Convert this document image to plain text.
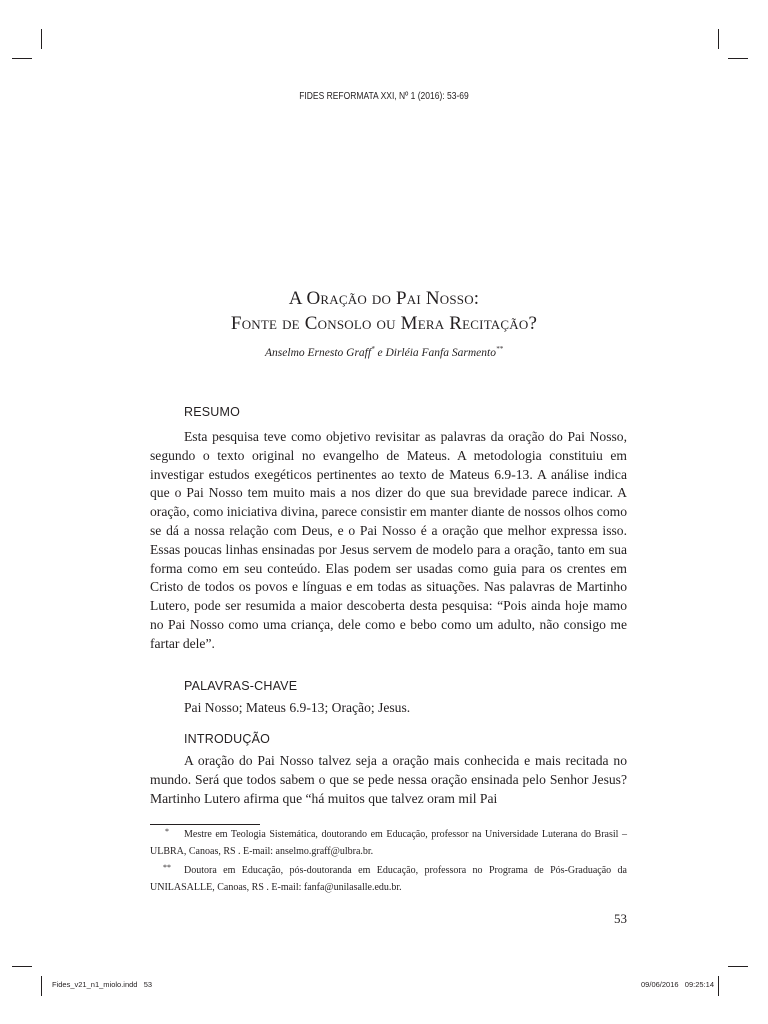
FIDES REFORMATA XXI, Nº 1 (2016): 53-69
A Oração do Pai Nosso:
Fonte de Consolo ou Mera Recitação?
Anselmo Ernesto Graff* e Dirléia Fanfa Sarmento**
RESUMO

Esta pesquisa teve como objetivo revisitar as palavras da oração do Pai Nosso, segundo o texto original no evangelho de Mateus. A metodologia constituiu em investigar estudos exegéticos pertinentes ao texto de Mateus 6.9-13. A análise indica que o Pai Nosso tem muito mais a nos dizer do que sua brevidade parece indicar. A oração, como iniciativa divina, parece consistir em manter diante de nossos olhos como se dá a nossa relação com Deus, e o Pai Nosso é a oração que melhor expressa isso. Essas poucas linhas ensinadas por Jesus servem de modelo para a oração, tanto em sua forma como em seu conteúdo. Elas podem ser usadas como guia para os crentes em Cristo de todos os povos e línguas e em todas as situações. Nas palavras de Martinho Lutero, pode ser resumida a maior descoberta desta pesquisa: “Pois ainda hoje mamo no Pai Nosso como uma criança, dele como e bebo como um adulto, não consigo me fartar dele”.

PALAVRAS-CHAVE
Pai Nosso; Mateus 6.9-13; Oração; Jesus.
INTRODUÇÃO

A oração do Pai Nosso talvez seja a oração mais conhecida e mais recitada no mundo. Será que todos sabem o que se pede nessa oração ensinada pelo Senhor Jesus? Martinho Lutero afirma que “há muitos que talvez oram mil Pai

* Mestre em Teologia Sistemática, doutorando em Educação, professor na Universidade Luterana do Brasil – ULBRA, Canoas, RS . E-mail: anselmo.graff@ulbra.br.

** Doutora em Educação, pós-doutoranda em Educação, professora no Programa de Pós-Graduação da UNILASALLE, Canoas, RS . E-mail: fanfa@unilasalle.edu.br.

53
Fides_v21_n1_miolo.indd   53	09/06/2016   09:25:14
